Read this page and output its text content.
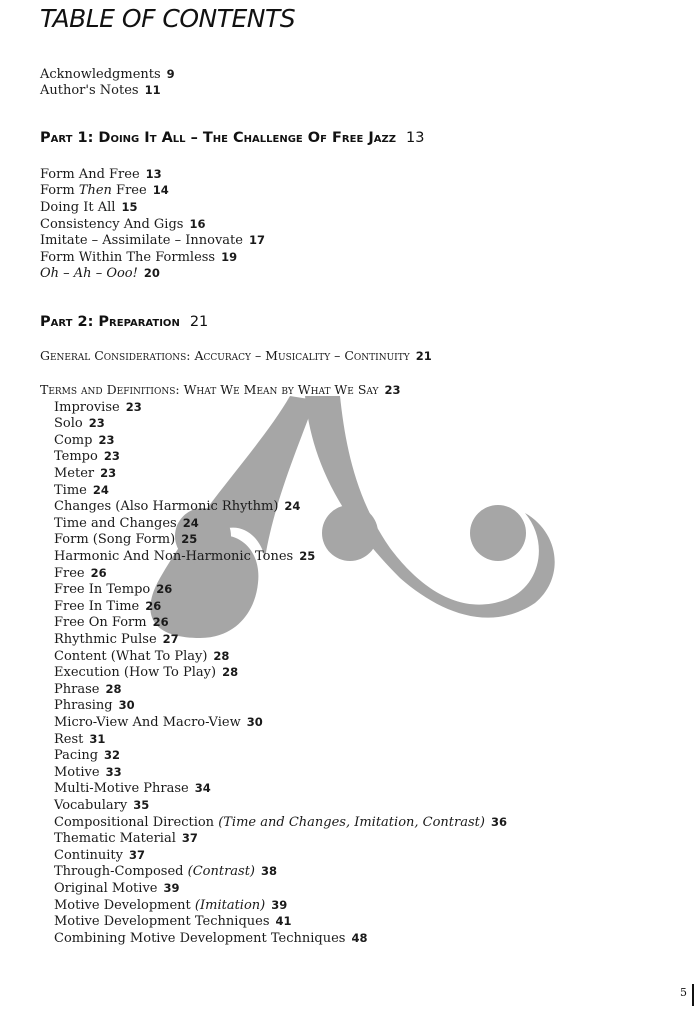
TABLE OF CONTENTS
Acknowledgments 9
Author's Notes 11
Part 1: Doing It All – The Challenge Of Free Jazz 13
Form And Free 13
Form Then Free 14
Doing It All 15
Consistency And Gigs 16
Imitate – Assimilate – Innovate 17
Form Within The Formless 19
Oh – Ah – Ooo! 20
Part 2: Preparation 21
General Considerations: Accuracy – Musicality – Continuity 21
Terms and Definitions: What We Mean by What We Say 23
Improvise 23
Solo 23
Comp 23
Tempo 23
Meter 23
Time 24
Changes (Also Harmonic Rhythm) 24
Time and Changes 24
Form (Song Form) 25
Harmonic And Non-Harmonic Tones 25
Free 26
Free In Tempo 26
Free In Time 26
Free On Form 26
Rhythmic Pulse 27
Content (What To Play) 28
Execution (How To Play) 28
Phrase 28
Phrasing 30
Micro-View And Macro-View 30
Rest 31
Pacing 32
Motive 33
Multi-Motive Phrase 34
Vocabulary 35
Compositional Direction (Time and Changes, Imitation, Contrast) 36
Thematic Material 37
Continuity 37
Through-Composed (Contrast) 38
Original Motive 39
Motive Development (Imitation) 39
Motive Development Techniques 41
Combining Motive Development Techniques 48
5
